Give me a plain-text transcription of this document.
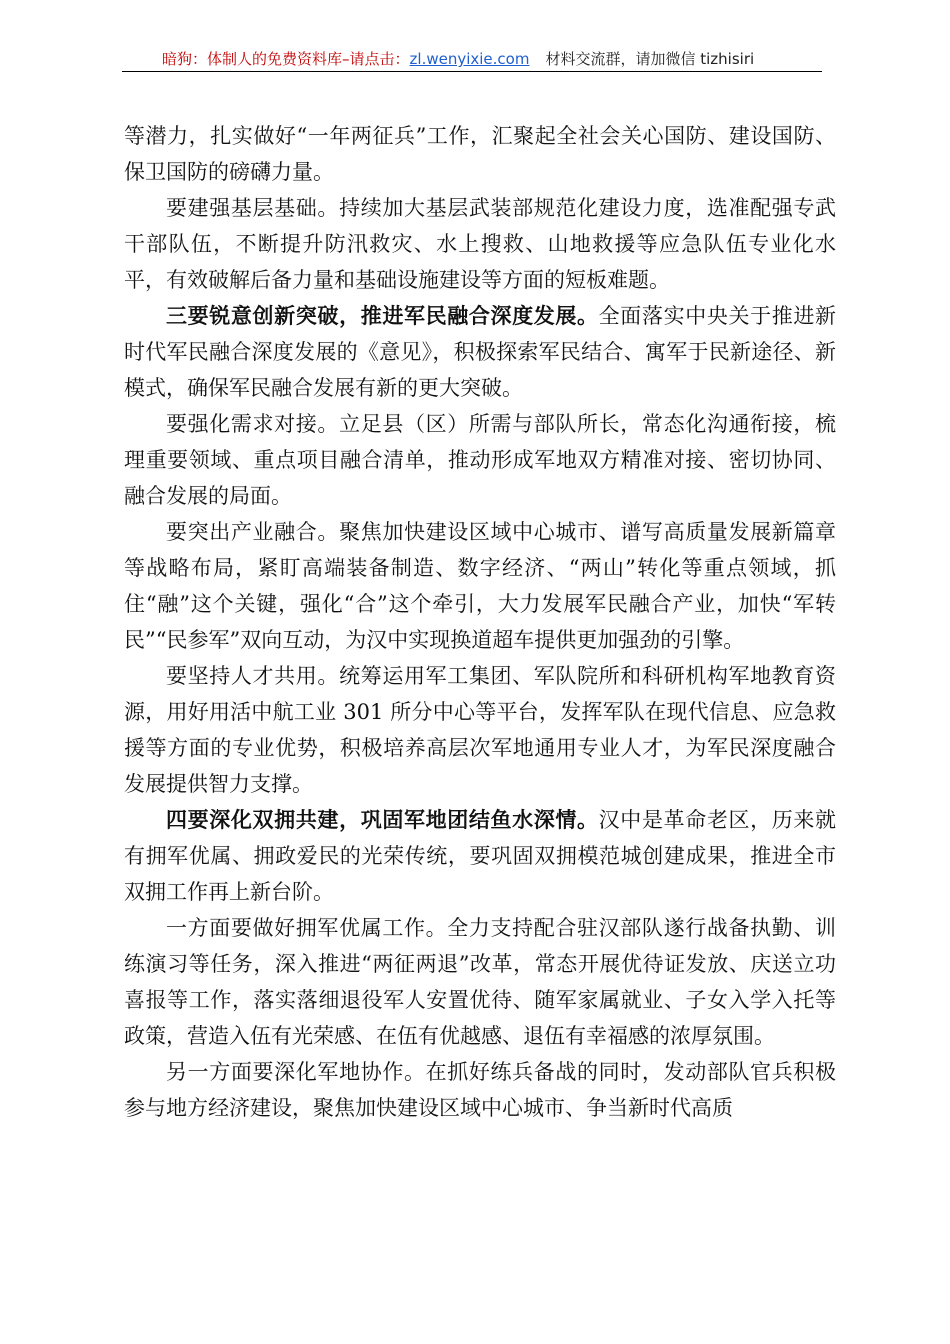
暗狗：体制人的免费资料库–请点击：zl.wenyixie.com 材料交流群，请加微信 tizhisiri

等潜力，扎实做好“一年两征兵”工作，汇聚起全社会关心国防、建设国防、保卫国防的磅礴力量。

要建强基层基础。持续加大基层武装部规范化建设力度，选准配强专武干部队伍，不断提升防汛救灾、水上搜救、山地救援等应急队伍专业化水平，有效破解后备力量和基础设施建设等方面的短板难题。

三要锐意创新突破，推进军民融合深度发展。全面落实中央关于推进新时代军民融合深度发展的《意见》，积极探索军民结合、寓军于民新途径、新模式，确保军民融合发展有新的更大突破。

要强化需求对接。立足县（区）所需与部队所长，常态化沟通衔接，梳理重要领域、重点项目融合清单，推动形成军地双方精准对接、密切协同、融合发展的局面。

要突出产业融合。聚焦加快建设区域中心城市、谱写高质量发展新篇章等战略布局，紧盯高端装备制造、数字经济、“两山”转化等重点领域，抓住“融”这个关键，强化“合”这个牵引，大力发展军民融合产业，加快“军转民”“民参军”双向互动，为汉中实现换道超车提供更加强劲的引擎。

要坚持人才共用。统筹运用军工集团、军队院所和科研机构军地教育资源，用好用活中航工业 301 所分中心等平台，发挥军队在现代信息、应急救援等方面的专业优势，积极培养高层次军地通用专业人才，为军民深度融合发展提供智力支撑。

四要深化双拥共建，巩固军地团结鱼水深情。汉中是革命老区，历来就有拥军优属、拥政爱民的光荣传统，要巩固双拥模范城创建成果，推进全市双拥工作再上新台阶。

一方面要做好拥军优属工作。全力支持配合驻汉部队遂行战备执勤、训练演习等任务，深入推进“两征两退”改革，常态开展优待证发放、庆送立功喜报等工作，落实落细退役军人安置优待、随军家属就业、子女入学入托等政策，营造入伍有光荣感、在伍有优越感、退伍有幸福感的浓厚氛围。

另一方面要深化军地协作。在抓好练兵备战的同时，发动部队官兵积极参与地方经济建设，聚焦加快建设区域中心城市、争当新时代高质
